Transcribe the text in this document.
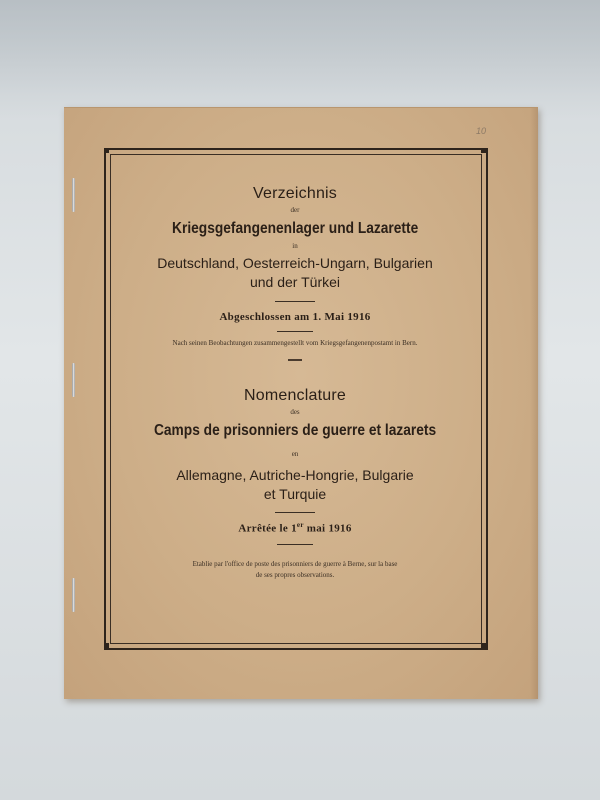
10
Verzeichnis
der
Kriegsgefangenenlager und Lazarette
in
Deutschland, Oesterreich-Ungarn, Bulgarien
und der Türkei
Abgeschlossen am 1. Mai 1916
Nach seinen Beobachtungen zusammengestellt vom Kriegsgefangenenpostamt in Bern.
Nomenclature
des
Camps de prisonniers de guerre et lazarets
en
Allemagne, Autriche-Hongrie, Bulgarie
et Turquie
Arrêtée le 1er mai 1916
Etablie par l'office de poste des prisonniers de guerre à Berne, sur la base
de ses propres observations.
